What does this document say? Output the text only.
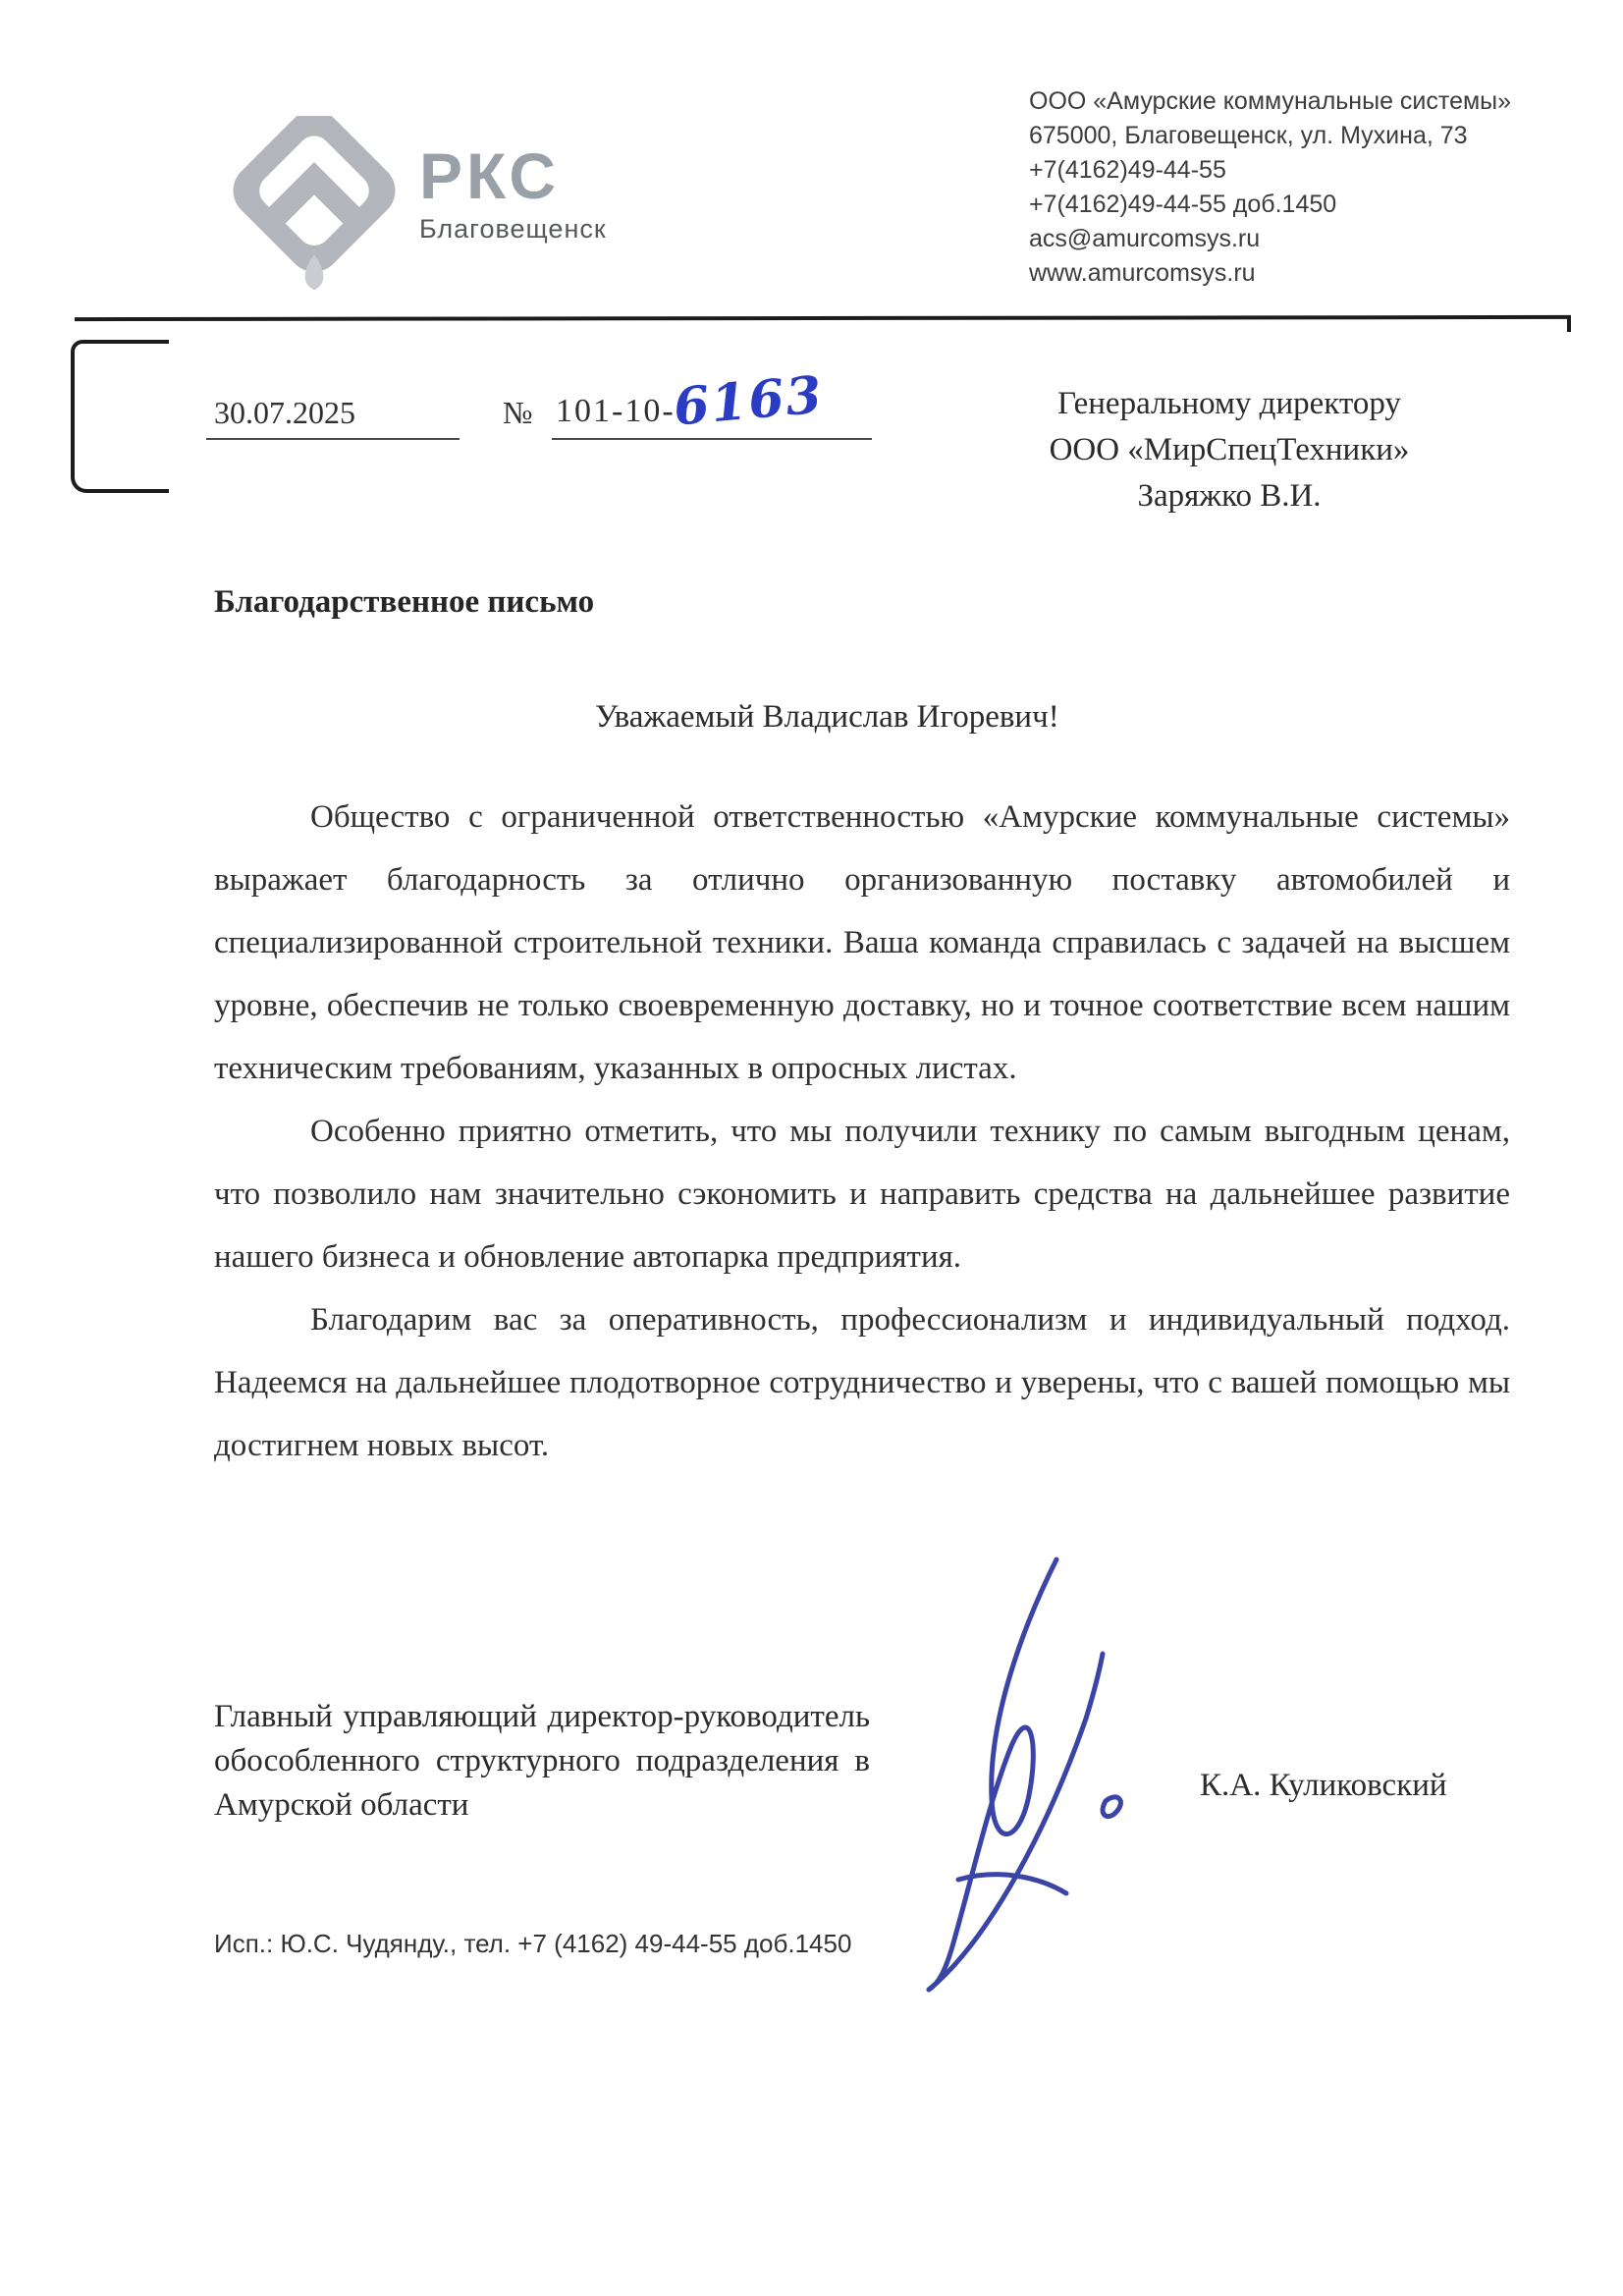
РКС
Благовещенск
ООО «Амурские коммунальные системы»
675000, Благовещенск, ул. Мухина, 73
+7(4162)49-44-55
+7(4162)49-44-55 доб.1450
acs@amurcomsys.ru
www.amurcomsys.ru
30.07.2025	№ 101-10-
6163	Генеральному директору
ООО «МирСпецТехники»
Заряжко В.И.
Благодарственное письмо
Уважаемый Владислав Игоревич!

Общество с ограниченной ответственностью «Амурские коммунальные системы» выражает благодарность за отлично организованную поставку автомобилей и специализированной строительной техники. Ваша команда справилась с задачей на высшем уровне, обеспечив не только своевременную доставку, но и точное соответствие всем нашим техническим требованиям, указанных в опросных листах.

Особенно приятно отметить, что мы получили технику по самым выгодным ценам, что позволило нам значительно сэкономить и направить средства на дальнейшее развитие нашего бизнеса и обновление автопарка предприятия.

Благодарим вас за оперативность, профессионализм и индивидуальный подход. Надеемся на дальнейшее плодотворное сотрудничество и уверены, что с вашей помощью мы достигнем новых высот.

Главный управляющий директор-руководитель обособленного структурного подразделения в Амурской области
К.А. Куликовский
Исп.: Ю.С. Чудянду., тел. +7 (4162) 49-44-55 доб.1450
